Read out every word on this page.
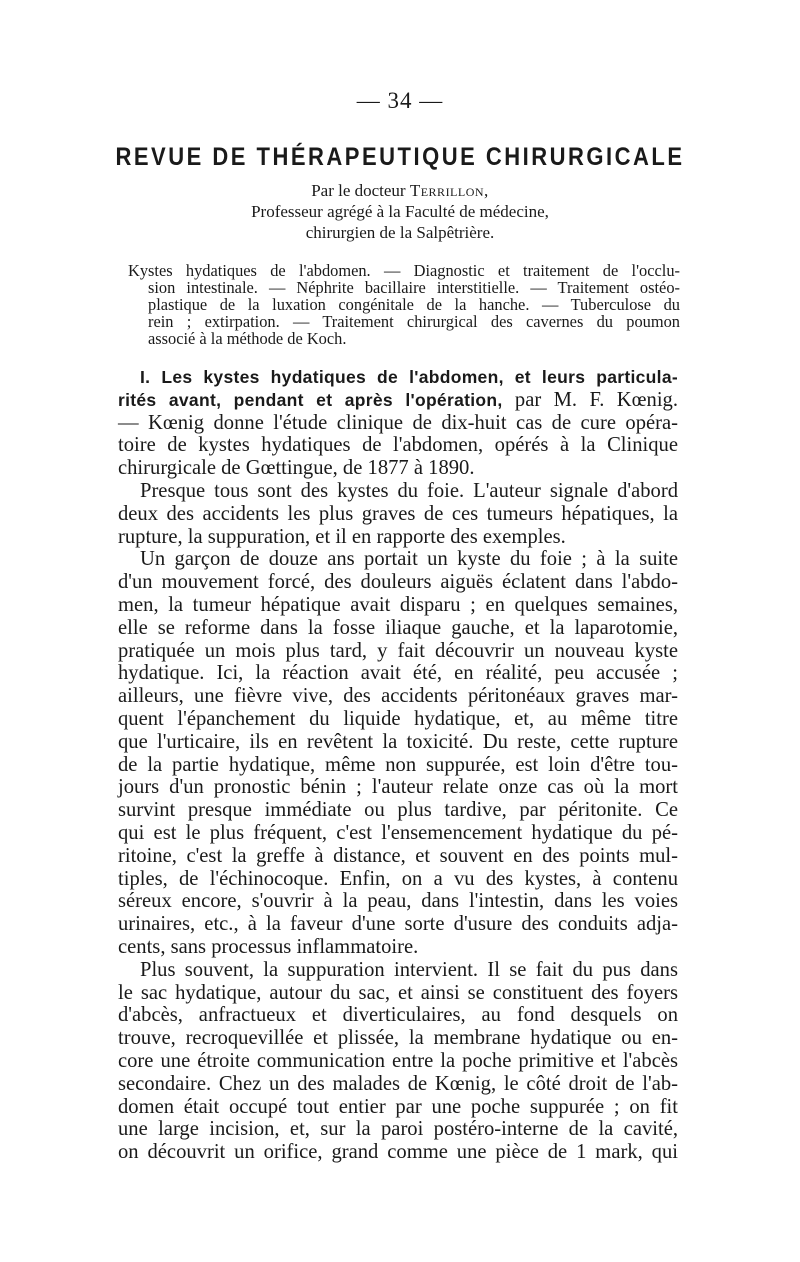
— 34 —
REVUE DE THÉRAPEUTIQUE CHIRURGICALE
Par le docteur Terrillon,
Professeur agrégé à la Faculté de médecine,
chirurgien de la Salpêtrière.
Kystes hydatiques de l'abdomen. — Diagnostic et traitement de l'occlu-
sion intestinale. — Néphrite bacillaire interstitielle. — Traitement ostéo-
plastique de la luxation congénitale de la hanche. — Tuberculose du
rein ; extirpation. — Traitement chirurgical des cavernes du poumon
associé à la méthode de Koch.
I. Les kystes hydatiques de l'abdomen, et leurs particula-
rités avant, pendant et après l'opération, par M. F. Kœnig.
— Kœnig donne l'étude clinique de dix-huit cas de cure opéra-
toire de kystes hydatiques de l'abdomen, opérés à la Clinique
chirurgicale de Gœttingue, de 1877 à 1890.
Presque tous sont des kystes du foie. L'auteur signale d'abord
deux des accidents les plus graves de ces tumeurs hépatiques, la
rupture, la suppuration, et il en rapporte des exemples.
Un garçon de douze ans portait un kyste du foie ; à la suite
d'un mouvement forcé, des douleurs aiguës éclatent dans l'abdo-
men, la tumeur hépatique avait disparu ; en quelques semaines,
elle se reforme dans la fosse iliaque gauche, et la laparotomie,
pratiquée un mois plus tard, y fait découvrir un nouveau kyste
hydatique. Ici, la réaction avait été, en réalité, peu accusée ;
ailleurs, une fièvre vive, des accidents péritonéaux graves mar-
quent l'épanchement du liquide hydatique, et, au même titre
que l'urticaire, ils en revêtent la toxicité. Du reste, cette rupture
de la partie hydatique, même non suppurée, est loin d'être tou-
jours d'un pronostic bénin ; l'auteur relate onze cas où la mort
survint presque immédiate ou plus tardive, par péritonite. Ce
qui est le plus fréquent, c'est l'ensemencement hydatique du pé-
ritoine, c'est la greffe à distance, et souvent en des points mul-
tiples, de l'échinocoque. Enfin, on a vu des kystes, à contenu
séreux encore, s'ouvrir à la peau, dans l'intestin, dans les voies
urinaires, etc., à la faveur d'une sorte d'usure des conduits adja-
cents, sans processus inflammatoire.
Plus souvent, la suppuration intervient. Il se fait du pus dans
le sac hydatique, autour du sac, et ainsi se constituent des foyers
d'abcès, anfractueux et diverticulaires, au fond desquels on
trouve, recroquevillée et plissée, la membrane hydatique ou en-
core une étroite communication entre la poche primitive et l'abcès
secondaire. Chez un des malades de Kœnig, le côté droit de l'ab-
domen était occupé tout entier par une poche suppurée ; on fit
une large incision, et, sur la paroi postéro-interne de la cavité,
on découvrit un orifice, grand comme une pièce de 1 mark, qui
